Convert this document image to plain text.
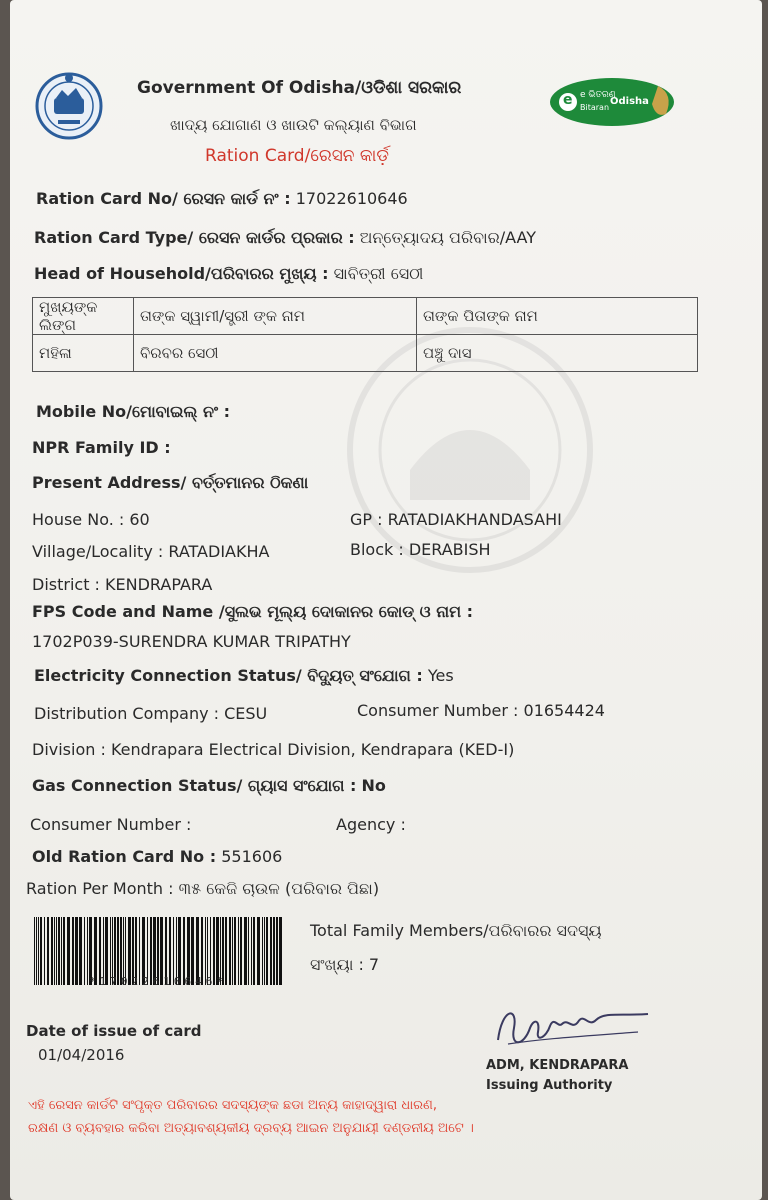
Government Of Odisha/ଓଡିଶା ସରକାର
ଖାଦ୍ୟ ଯୋଗାଣ ଓ ଖାଉଟି କଲ୍ୟାଣ ବିଭାଗ
Ration Card/ରେସନ କାର୍ଡ଼
e e ଭିତରଣ
Bitaran
Odisha
Ration Card No/ ରେସନ କାର୍ଡ ନଂ : 17022610646
Ration Card Type/ ରେସନ କାର୍ଡର ପ୍ରକାର : ଅନ୍ତ୍ୟୋଦୟ ପରିବାର/AAY
Head of Household/ପରିବାରର ମୁଖ୍ୟ : ସାବିତ୍ରୀ ସେଠୀ
ମୁଖ୍ୟଙ୍କ ଲିଙ୍ଗ	ତାଙ୍କ ସ୍ୱାମୀ/ସ୍ତ୍ରୀ ଙ୍କ ନାମ	ତାଙ୍କ ପିତାଙ୍କ ନାମ
ମହିଳା	ବିରବର ସେଠୀ	ପଞ୍ଚୁ ଦାସ
Mobile No/ମୋବାଇଲ୍ ନଂ :
NPR Family ID :
Present Address/ ବର୍ତ୍ତମାନର ଠିକଣା
House No. : 60	GP : RATADIAKHANDASAHI
Village/Locality : RATADIAKHA	Block : DERABISH
District : KENDRAPARA
FPS Code and Name /ସୁଲଭ ମୂଲ୍ୟ ଦୋକାନର କୋଡ୍ ଓ ନାମ :
1702P039-SURENDRA KUMAR TRIPATHY
Electricity Connection Status/ ବିଦ୍ୟୁତ୍ ସଂଯୋଗ : Yes
Distribution Company : CESU	Consumer Number : 01654424
Division : Kendrapara Electrical Division, Kendrapara (KED-I)
Gas Connection Status/ ଗ୍ୟାସ ସଂଯୋଗ : No
Consumer Number :	Agency :
Old Ration Card No : 551606
Ration Per Month : ୩୫ କେଜି ଚାଉଳ (ପରିବାର ପିଛା)
*17022610646*
Total Family Members/ପରିବାରର ସଦସ୍ୟ
ସଂଖ୍ୟା : 7
Date of issue of card
01/04/2016
ADM, KENDRAPARA
Issuing Authority
ଏହି ରେସନ କାର୍ଡଟି ସଂପୃକ୍ତ ପରିବାରର ସଦସ୍ୟଙ୍କ ଛଡା ଅନ୍ୟ କାହାଦ୍ୱାରା ଧାରଣ,
ରକ୍ଷଣ ଓ ବ୍ୟବହାର କରିବା ଅତ୍ୟାବଶ୍ୟକୀୟ ଦ୍ରବ୍ୟ ଆଇନ ଅନୁଯାୟୀ ଦଣ୍ଡନୀୟ ଅଟେ ।
